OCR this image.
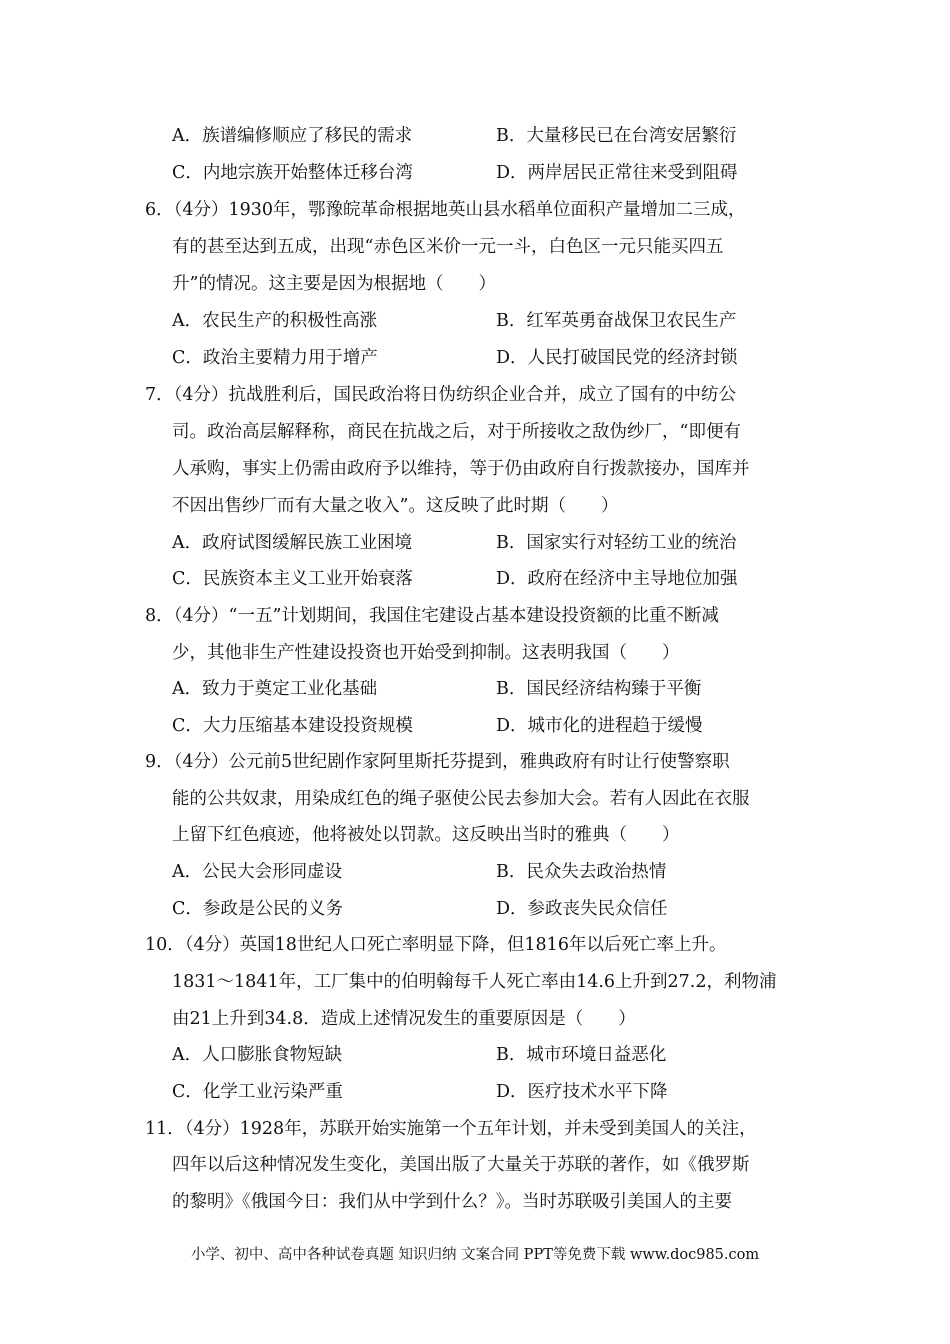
A．族谱编修顺应了移民的需求	B．大量移民已在台湾安居繁衍
C．内地宗族开始整体迁移台湾	D．两岸居民正常往来受到阻碍
6．（4分）1930年，鄂豫皖革命根据地英山县水稻单位面积产量增加二三成，
有的甚至达到五成，出现“赤色区米价一元一斗，白色区一元只能买四五
升”的情况。这主要是因为根据地（　　）
A．农民生产的积极性高涨	B．红军英勇奋战保卫农民生产
C．政治主要精力用于增产	D．人民打破国民党的经济封锁
7．（4分）抗战胜利后，国民政治将日伪纺织企业合并，成立了国有的中纺公
司。政治高层解释称，商民在抗战之后，对于所接收之敌伪纱厂，“即便有
人承购，事实上仍需由政府予以维持，等于仍由政府自行拨款接办，国库并
不因出售纱厂而有大量之收入”。这反映了此时期（　　）
A．政府试图缓解民族工业困境	B．国家实行对轻纺工业的统治
C．民族资本主义工业开始衰落	D．政府在经济中主导地位加强
8．（4分）“一五”计划期间，我国住宅建设占基本建设投资额的比重不断减
少，其他非生产性建设投资也开始受到抑制。这表明我国（　　）
A．致力于奠定工业化基础	B．国民经济结构臻于平衡
C．大力压缩基本建设投资规模	D．城市化的进程趋于缓慢
9．（4分）公元前5世纪剧作家阿里斯托芬提到，雅典政府有时让行使警察职
能的公共奴隶，用染成红色的绳子驱使公民去参加大会。若有人因此在衣服
上留下红色痕迹，他将被处以罚款。这反映出当时的雅典（　　）
A．公民大会形同虚设	B．民众失去政治热情
C．参政是公民的义务	D．参政丧失民众信任
10．（4分）英国18世纪人口死亡率明显下降，但1816年以后死亡率上升。
1831～1841年，工厂集中的伯明翰每千人死亡率由14.6上升到27.2，利物浦
由21上升到34.8．造成上述情况发生的重要原因是（　　）
A．人口膨胀食物短缺	B．城市环境日益恶化
C．化学工业污染严重	D．医疗技术水平下降
11．（4分）1928年，苏联开始实施第一个五年计划，并未受到美国人的关注，
四年以后这种情况发生变化，美国出版了大量关于苏联的著作，如《俄罗斯
的黎明》《俄国今日：我们从中学到什么？》。当时苏联吸引美国人的主要
小学、初中、高中各种试卷真题 知识归纳 文案合同 PPT等免费下载 www.doc985.com
